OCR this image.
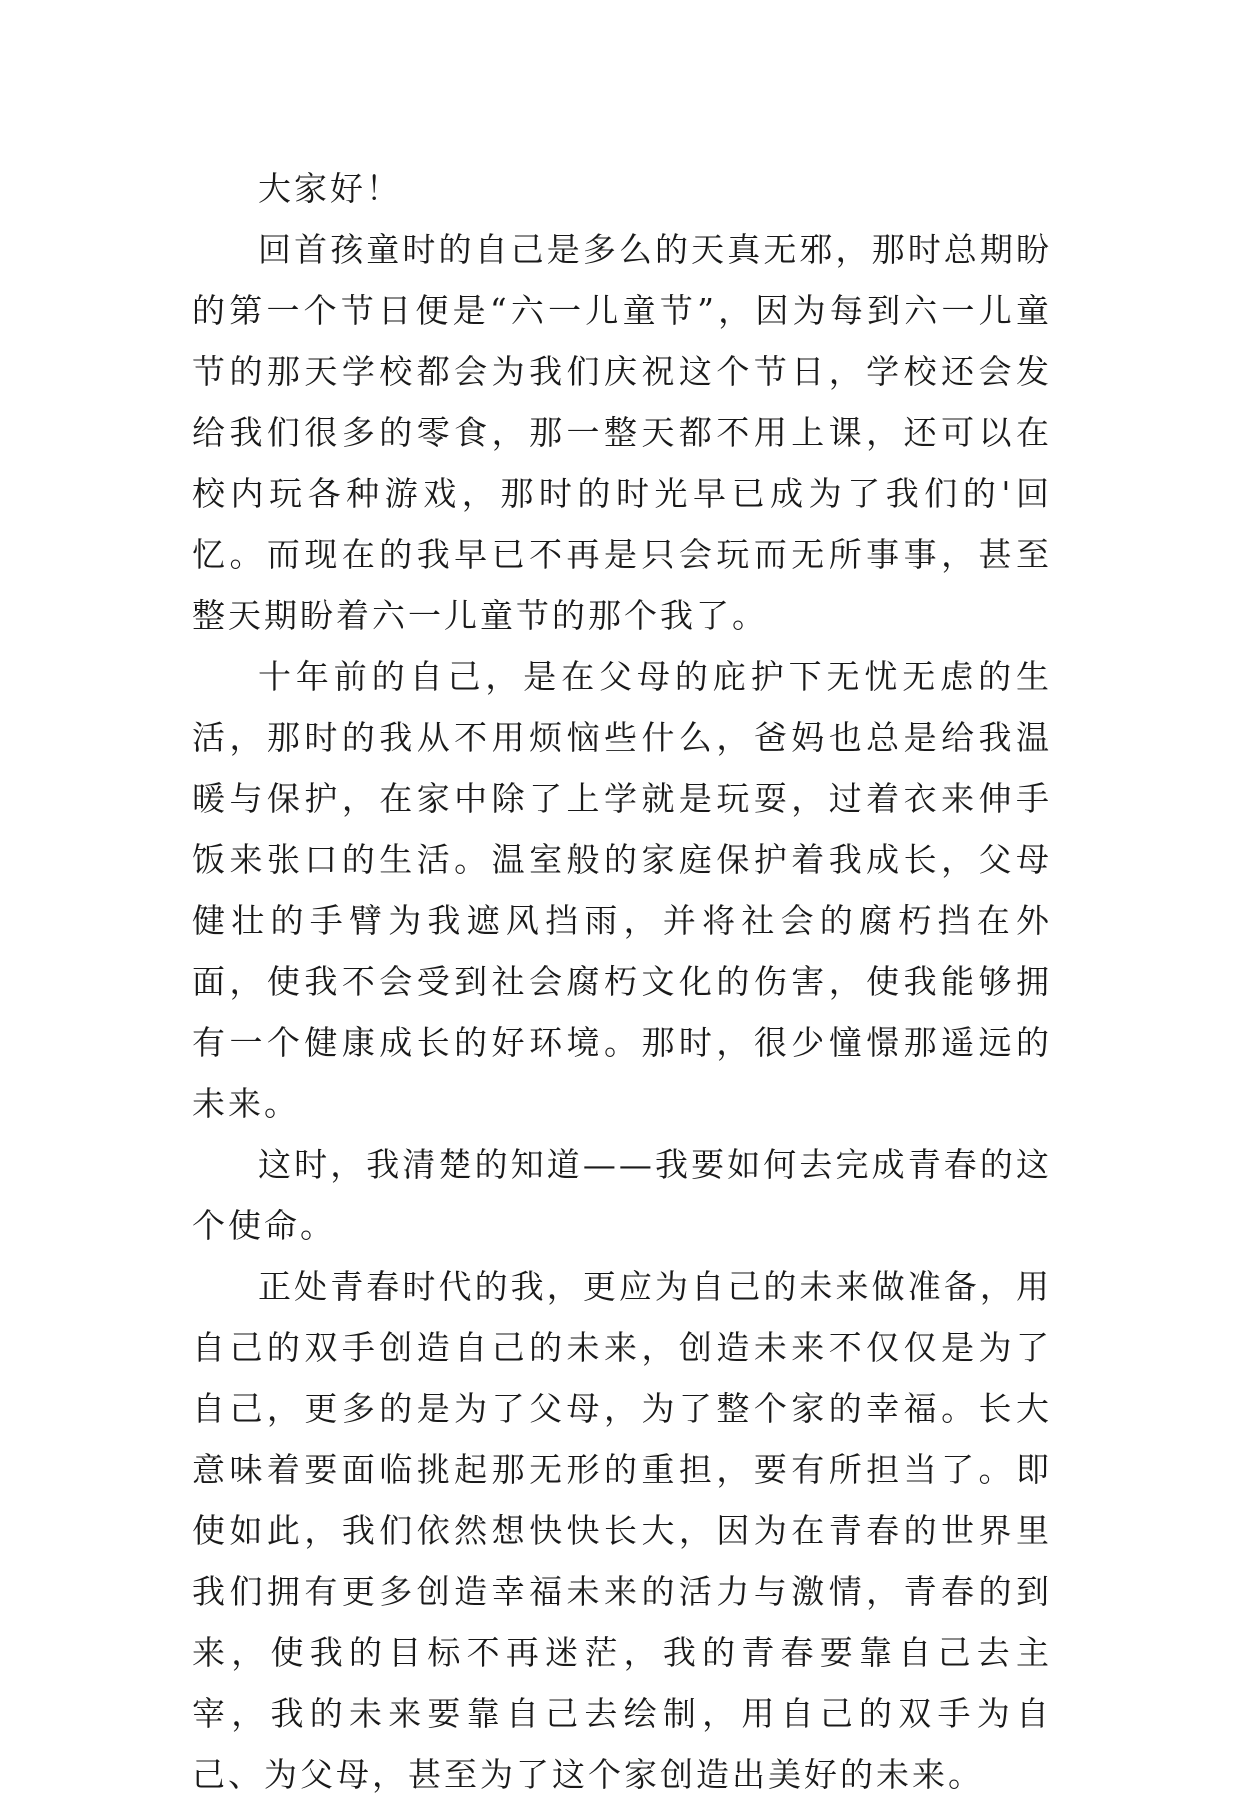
大家好！

回首孩童时的自己是多么的天真无邪，那时总期盼的第一个节日便是“六一儿童节”，因为每到六一儿童节的那天学校都会为我们庆祝这个节日，学校还会发给我们很多的零食，那一整天都不用上课，还可以在校内玩各种游戏，那时的时光早已成为了我们的'回忆。而现在的我早已不再是只会玩而无所事事，甚至整天期盼着六一儿童节的那个我了。

十年前的自己，是在父母的庇护下无忧无虑的生活，那时的我从不用烦恼些什么，爸妈也总是给我温暖与保护，在家中除了上学就是玩耍，过着衣来伸手饭来张口的生活。温室般的家庭保护着我成长，父母健壮的手臂为我遮风挡雨，并将社会的腐朽挡在外面，使我不会受到社会腐朽文化的伤害，使我能够拥有一个健康成长的好环境。那时，很少憧憬那遥远的未来。

这时，我清楚的知道——我要如何去完成青春的这个使命。

正处青春时代的我，更应为自己的未来做准备，用自己的双手创造自己的未来，创造未来不仅仅是为了自己，更多的是为了父母，为了整个家的幸福。长大意味着要面临挑起那无形的重担，要有所担当了。即使如此，我们依然想快快长大，因为在青春的世界里我们拥有更多创造幸福未来的活力与激情，青春的到来，使我的目标不再迷茫，我的青春要靠自己去主宰，我的未来要靠自己去绘制，用自己的双手为自己、为父母，甚至为了这个家创造出美好的未来。
